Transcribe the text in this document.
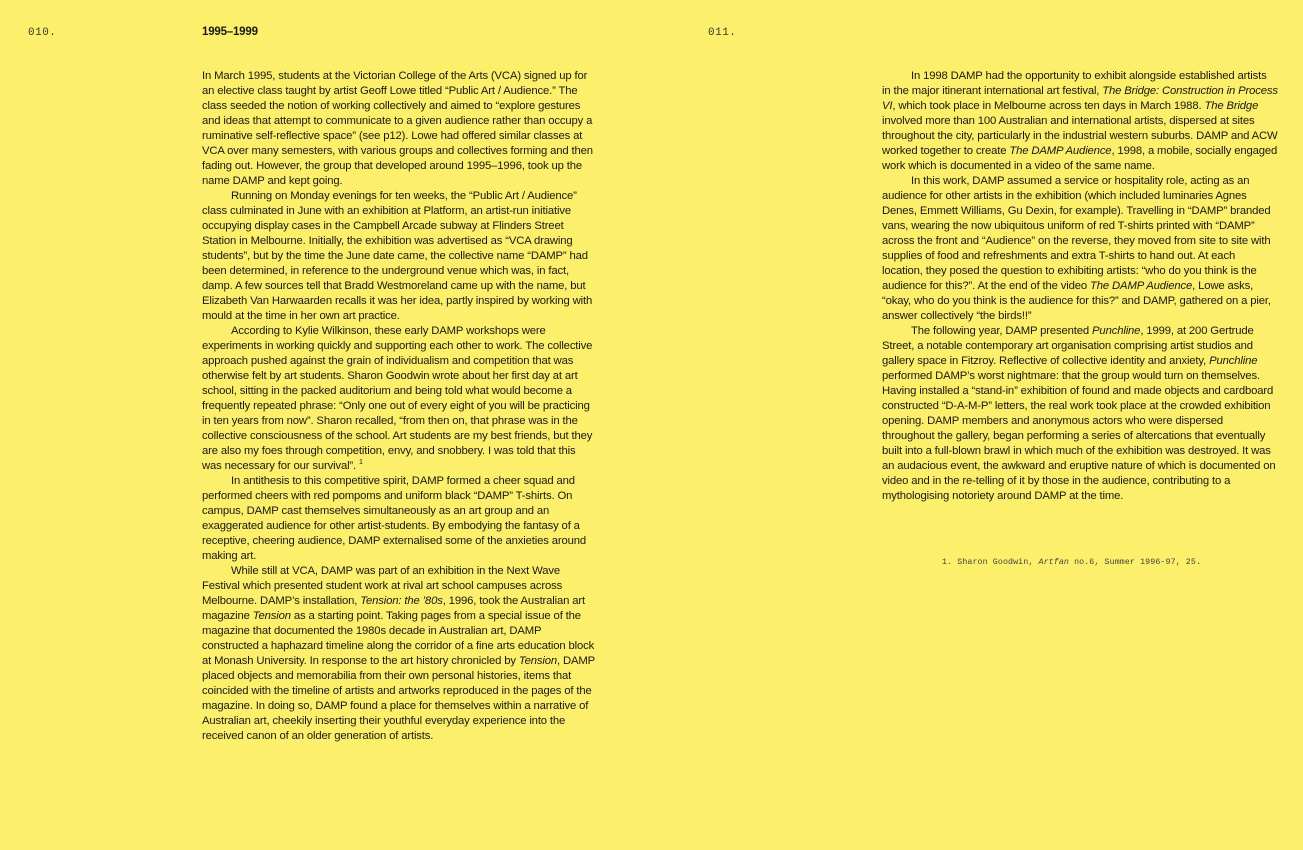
010.	011.
1995–1999

In March 1995, students at the Victorian College of the Arts (VCA) signed up for an elective class taught by artist Geoff Lowe titled “Public Art / Audience.” The class seeded the notion of working collectively and aimed to “explore gestures and ideas that attempt to communicate to a given audience rather than occupy a ruminative self-reflective space” (see p12). Lowe had offered similar classes at VCA over many semesters, with various groups and collectives forming and then fading out. However, the group that developed around 1995–1996, took up the name DAMP and kept going.

Running on Monday evenings for ten weeks, the “Public Art / Audience” class culminated in June with an exhibition at Platform, an artist-run initiative occupying display cases in the Campbell Arcade subway at Flinders Street Station in Melbourne. Initially, the exhibition was advertised as “VCA drawing students”, but by the time the June date came, the collective name “DAMP” had been determined, in reference to the underground venue which was, in fact, damp. A few sources tell that Bradd Westmoreland came up with the name, but Elizabeth Van Harwaarden recalls it was her idea, partly inspired by working with mould at the time in her own art practice.

According to Kylie Wilkinson, these early DAMP workshops were experiments in working quickly and supporting each other to work. The collective approach pushed against the grain of individualism and competition that was otherwise felt by art students. Sharon Goodwin wrote about her first day at art school, sitting in the packed auditorium and being told what would become a frequently repeated phrase: “Only one out of every eight of you will be practicing in ten years from now”. Sharon recalled, “from then on, that phrase was in the collective consciousness of the school. Art students are my best friends, but they are also my foes through competition, envy, and snobbery. I was told that this was necessary for our survival”. $^1$

In antithesis to this competitive spirit, DAMP formed a cheer squad and performed cheers with red pompoms and uniform black “DAMP” T-shirts. On campus, DAMP cast themselves simultaneously as an art group and an exaggerated audience for other artist-students. By embodying the fantasy of a receptive, cheering audience, DAMP externalised some of the anxieties around making art.

While still at VCA, DAMP was part of an exhibition in the Next Wave Festival which presented student work at rival art school campuses across Melbourne. DAMP’s installation, Tension: the ’80s, 1996, took the Australian art magazine Tension as a starting point. Taking pages from a special issue of the magazine that documented the 1980s decade in Australian art, DAMP constructed a haphazard timeline along the corridor of a fine arts education block at Monash University. In response to the art history chronicled by Tension, DAMP placed objects and memorabilia from their own personal histories, items that coincided with the timeline of artists and artworks reproduced in the pages of the magazine. In doing so, DAMP found a place for themselves within a narrative of Australian art, cheekily inserting their youthful everyday experience into the received canon of an older generation of artists.

In 1998 DAMP had the opportunity to exhibit alongside established artists in the major itinerant international art festival, The Bridge: Construction in Process VI, which took place in Melbourne across ten days in March 1988. The Bridge involved more than 100 Australian and international artists, dispersed at sites throughout the city, particularly in the industrial western suburbs. DAMP and ACW worked together to create The DAMP Audience, 1998, a mobile, socially engaged work which is documented in a video of the same name.

In this work, DAMP assumed a service or hospitality role, acting as an audience for other artists in the exhibition (which included luminaries Agnes Denes, Emmett Williams, Gu Dexin, for example). Travelling in “DAMP” branded vans, wearing the now ubiquitous uniform of red T-shirts printed with “DAMP” across the front and “Audience” on the reverse, they moved from site to site with supplies of food and refreshments and extra T-shirts to hand out. At each location, they posed the question to exhibiting artists: “who do you think is the audience for this?”. At the end of the video The DAMP Audience, Lowe asks, “okay, who do you think is the audience for this?” and DAMP, gathered on a pier, answer collectively “the birds!!”

The following year, DAMP presented Punchline, 1999, at 200 Gertrude Street, a notable contemporary art organisation comprising artist studios and gallery space in Fitzroy. Reflective of collective identity and anxiety, Punchline performed DAMP’s worst nightmare: that the group would turn on themselves. Having installed a “stand-in” exhibition of found and made objects and cardboard constructed “D-A-M-P” letters, the real work took place at the crowded exhibition opening. DAMP members and anonymous actors who were dispersed throughout the gallery, began performing a series of altercations that eventually built into a full-blown brawl in which much of the exhibition was destroyed. It was an audacious event, the awkward and eruptive nature of which is documented on video and in the re-telling of it by those in the audience, contributing to a mythologising notoriety around DAMP at the time.

1. Sharon Goodwin, Artfan no.6, Summer 1996-97, 25.
